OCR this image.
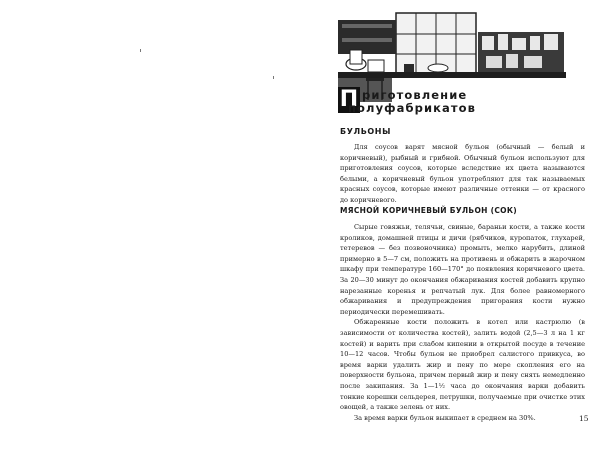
П риготовление
полуфабрикатов
БУЛЬОНЫ

Для соусов варят мясной бульон (обычный — белый и коричневый), рыбный и грибной. Обычный бульон используют для приготовления соусов, которые вследствие их цвета называются белыми, а коричневый бульон употребляют для так называемых красных соусов, которые имеют различные оттенки — от красного до коричневого.

МЯСНОЙ КОРИЧНЕВЫЙ БУЛЬОН (СОК)

Сырые говяжьи, телячьи, свиные, бараньи кости, а также кости кроликов, домашней птицы и дичи (рябчиков, куропаток, глухарей, тетеревов — без позвоночника) промыть, мелко нарубить, длиной примерно в 5—7 см, положить на противень и обжарить в жарочном шкафу при температуре 160—170° до появления коричневого цвета. За 20—30 минут до окончания обжаривания костей добавить крупно нарезанные коренья и репчатый лук. Для более равномерного обжаривания и предупреждения пригорания кости нужно периодически перемешивать.

Обжаренные кости положить в котел или кастрюлю (в зависимости от количества костей), залить водой (2,5—3 л на 1 кг костей) и варить при слабом кипении в открытой посуде в течение 10—12 часов. Чтобы бульон не приобрел салистого привкуса, во время варки удалить жир и пену по мере скопления его на поверхности бульона, причем первый жир и пену снять немедленно после закипания. За 1—1½ часа до окончания варки добавить тонкие корешки сельдерея, петрушки, получаемые при очистке этих овощей, а также зелень от них.

За время варки бульон выкипает в среднем на 30%.	15
